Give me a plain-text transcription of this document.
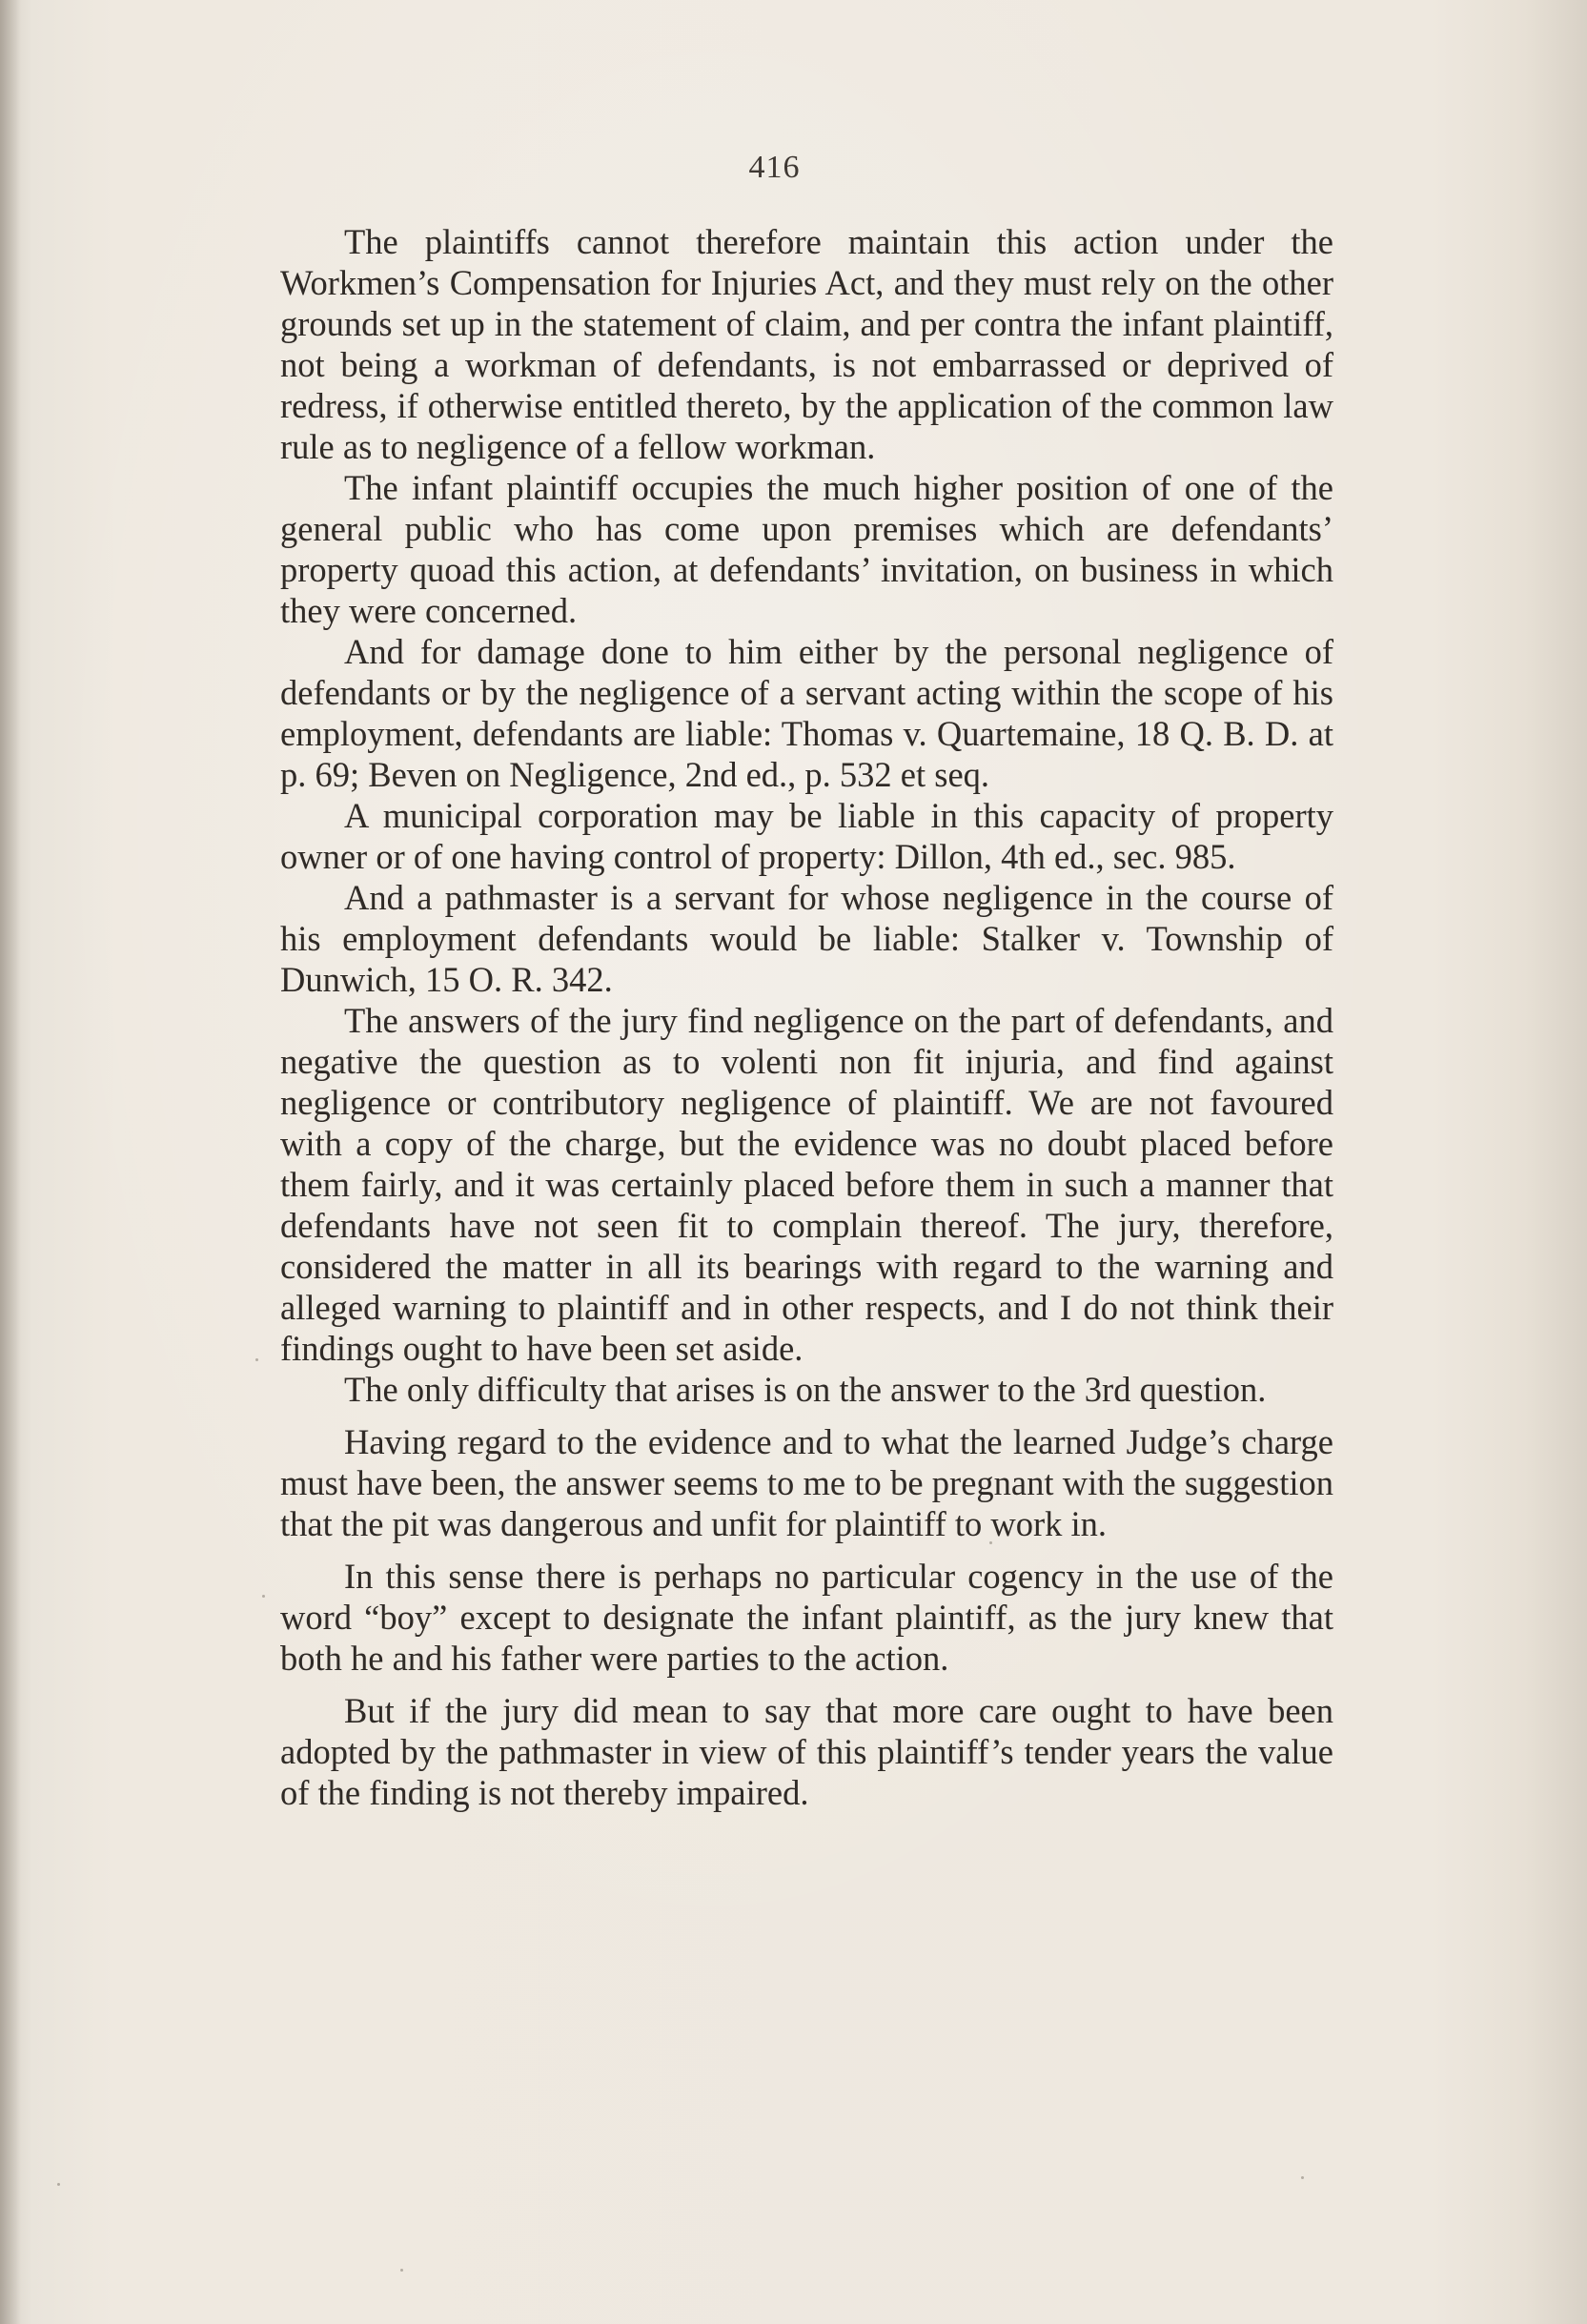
416

The plaintiffs cannot therefore maintain this action under the Workmen’s Compensation for Injuries Act, and they must rely on the other grounds set up in the statement of claim, and per contra the infant plaintiff, not being a workman of defendants, is not embarrassed or deprived of redress, if otherwise entitled thereto, by the application of the common law rule as to negligence of a fellow workman.

The infant plaintiff occupies the much higher position of one of the general public who has come upon premises which are defendants’ property quoad this action, at defendants’ invitation, on business in which they were concerned.

And for damage done to him either by the personal negligence of defendants or by the negligence of a servant acting within the scope of his employment, defendants are liable: Thomas v. Quartemaine, 18 Q. B. D. at p. 69; Beven on Negligence, 2nd ed., p. 532 et seq.

A municipal corporation may be liable in this capacity of property owner or of one having control of property: Dillon, 4th ed., sec. 985.

And a pathmaster is a servant for whose negligence in the course of his employment defendants would be liable: Stalker v. Township of Dunwich, 15 O. R. 342.

The answers of the jury find negligence on the part of defendants, and negative the question as to volenti non fit injuria, and find against negligence or contributory negligence of plaintiff. We are not favoured with a copy of the charge, but the evidence was no doubt placed before them fairly, and it was certainly placed before them in such a manner that defendants have not seen fit to complain thereof. The jury, therefore, considered the matter in all its bearings with regard to the warning and alleged warning to plaintiff and in other respects, and I do not think their findings ought to have been set aside.

The only difficulty that arises is on the answer to the 3rd question.

Having regard to the evidence and to what the learned Judge’s charge must have been, the answer seems to me to be pregnant with the suggestion that the pit was dangerous and unfit for plaintiff to work in.

In this sense there is perhaps no particular cogency in the use of the word “boy” except to designate the infant plaintiff, as the jury knew that both he and his father were parties to the action.

But if the jury did mean to say that more care ought to have been adopted by the pathmaster in view of this plaintiff’s tender years the value of the finding is not thereby impaired.
